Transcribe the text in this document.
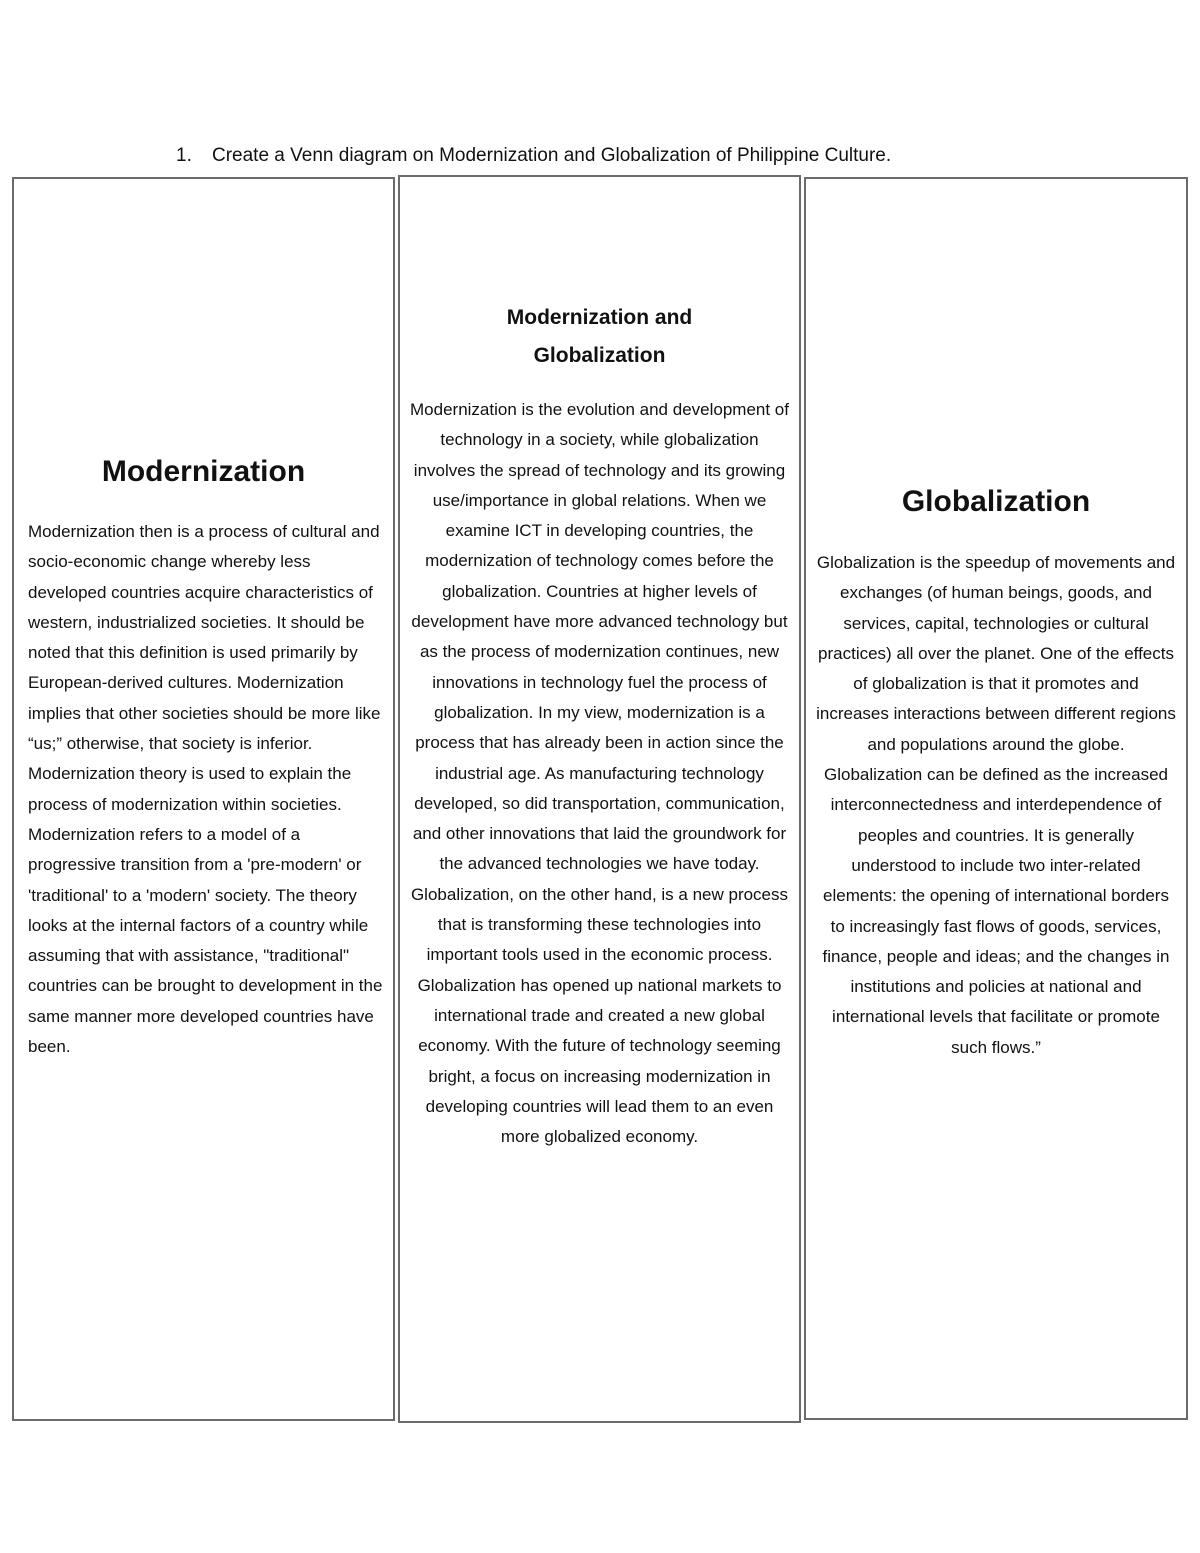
1. Create a Venn diagram on Modernization and Globalization of Philippine Culture.
Modernization
Modernization then is a process of cultural and socio-economic change whereby less developed countries acquire characteristics of western, industrialized societies. It should be noted that this definition is used primarily by European-derived cultures. Modernization implies that other societies should be more like “us;” otherwise, that society is inferior. Modernization theory is used to explain the process of modernization within societies. Modernization refers to a model of a progressive transition from a 'pre-modern' or 'traditional' to a 'modern' society. The theory looks at the internal factors of a country while assuming that with assistance, "traditional" countries can be brought to development in the same manner more developed countries have been.
Modernization and Globalization
Modernization is the evolution and development of technology in a society, while globalization involves the spread of technology and its growing use/importance in global relations. When we examine ICT in developing countries, the modernization of technology comes before the globalization. Countries at higher levels of development have more advanced technology but as the process of modernization continues, new innovations in technology fuel the process of globalization. In my view, modernization is a process that has already been in action since the industrial age. As manufacturing technology developed, so did transportation, communication, and other innovations that laid the groundwork for the advanced technologies we have today. Globalization, on the other hand, is a new process that is transforming these technologies into important tools used in the economic process. Globalization has opened up national markets to international trade and created a new global economy. With the future of technology seeming bright, a focus on increasing modernization in developing countries will lead them to an even more globalized economy.
Globalization
Globalization is the speedup of movements and exchanges (of human beings, goods, and services, capital, technologies or cultural practices) all over the planet. One of the effects of globalization is that it promotes and increases interactions between different regions and populations around the globe. Globalization can be defined as the increased interconnectedness and interdependence of peoples and countries. It is generally understood to include two inter-related elements: the opening of international borders to increasingly fast flows of goods, services, finance, people and ideas; and the changes in institutions and policies at national and international levels that facilitate or promote such flows.”
